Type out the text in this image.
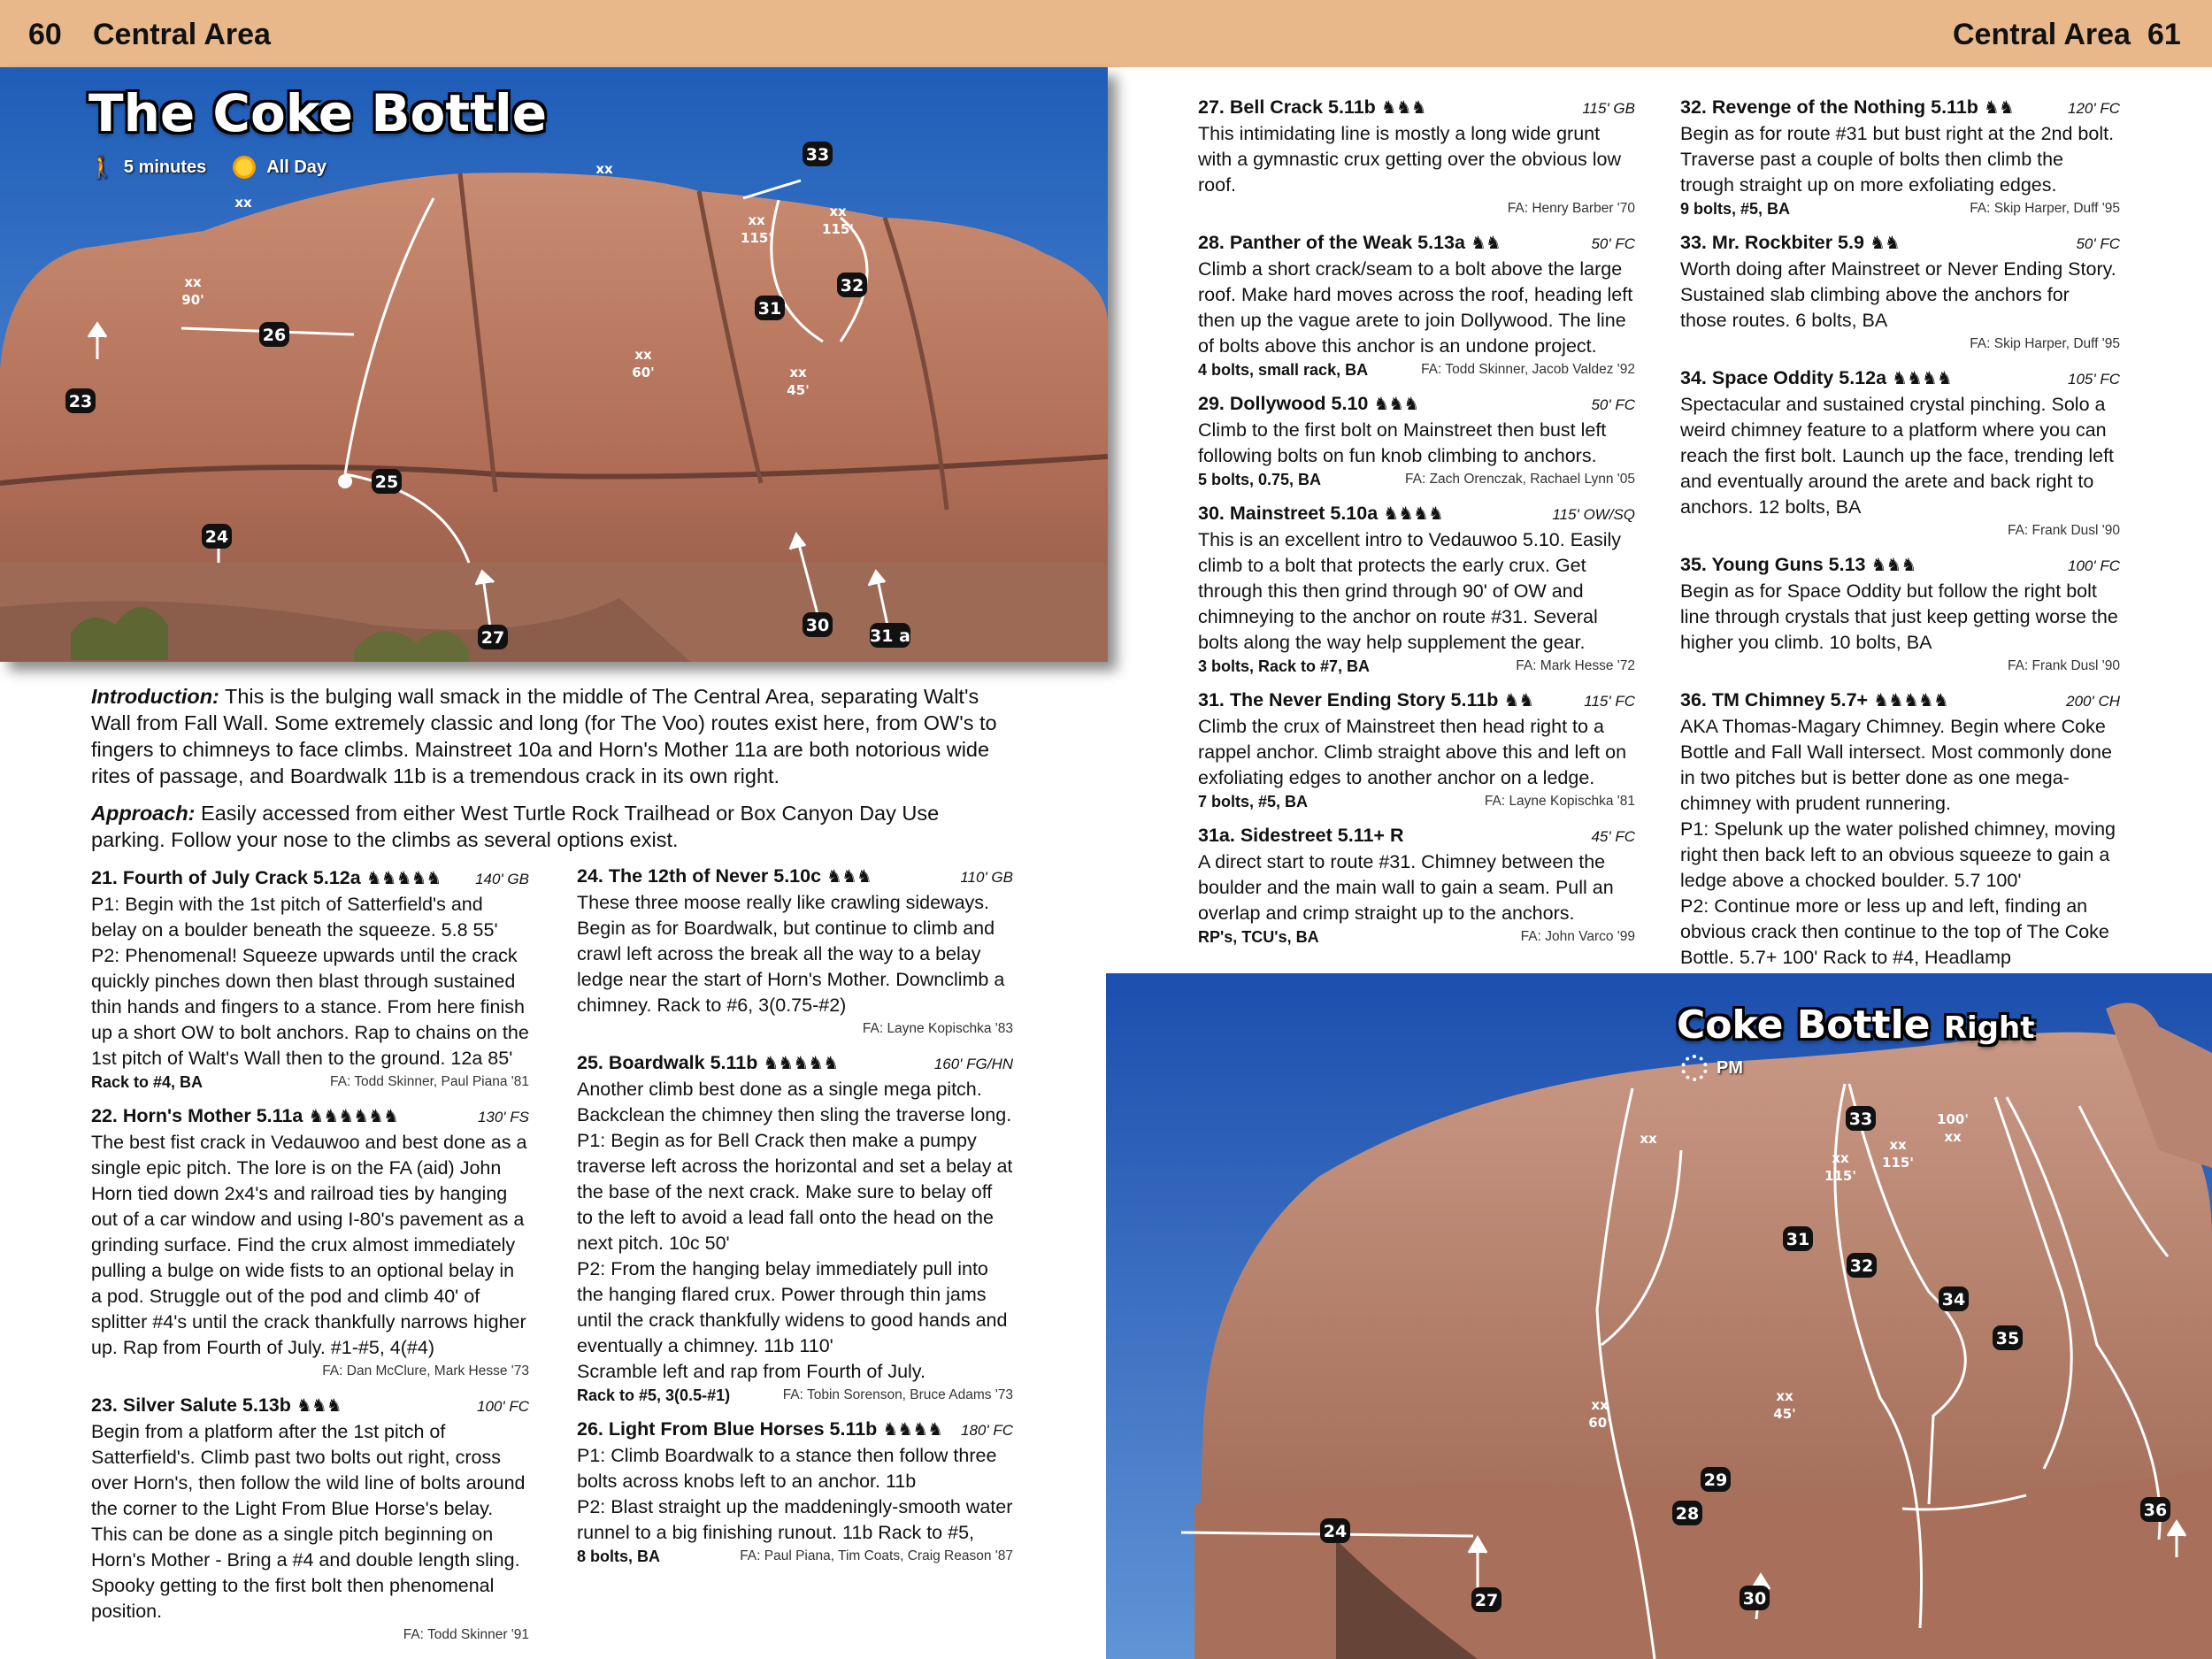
60 Central Area	Central Area 61
xx
xx
xx
90'
xx
60'
xx
115'
xx
115'
xx
45'
23
24
25
26
27
30
31 a
31
32
33
The Coke Bottle
🚶 5 minutes	All Day

Introduction: This is the bulging wall smack in the middle of The Central Area, separating Walt's Wall from Fall Wall. Some extremely classic and long (for The Voo) routes exist here, from OW's to fingers to chimneys to face climbs. Mainstreet 10a and Horn's Mother 11a are both notorious wide rites of passage, and Boardwalk 11b is a tremendous crack in its own right.

Approach: Easily accessed from either West Turtle Rock Trailhead or Box Canyon Day Use parking. Follow your nose to the climbs as several options exist.

21. Fourth of July Crack 5.12a ♞♞♞♞♞ 140' GB
P1: Begin with the 1st pitch of Satterfield's and belay on a boulder beneath the squeeze. 5.8 55'
P2: Phenomenal! Squeeze upwards until the crack quickly pinches down then blast through sustained thin hands and fingers to a stance. From here finish up a short OW to bolt anchors. Rap to chains on the 1st pitch of Walt's Wall then to the ground. 12a 85'
Rack to #4, BA	FA: Todd Skinner, Paul Piana '81
22. Horn's Mother 5.11a ♞♞♞♞♞♞	130' FS
The best fist crack in Vedauwoo and best done as a single epic pitch. The lore is on the FA (aid) John Horn tied down 2x4's and railroad ties by hanging out of a car window and using I-80's pavement as a grinding surface. Find the crux almost immediately pulling a bulge on wide fists to an optional belay in a pod. Struggle out of the pod and climb 40' of splitter #4's until the crack thankfully narrows higher up. Rap from Fourth of July. #1-#5, 4(#4)
FA: Dan McClure, Mark Hesse '73
23. Silver Salute 5.13b ♞♞♞	100' FC
Begin from a platform after the 1st pitch of Satterfield's. Climb past two bolts out right, cross over Horn's, then follow the wild line of bolts around the corner to the Light From Blue Horse's belay. This can be done as a single pitch beginning on Horn's Mother - Bring a #4 and double length sling. Spooky getting to the first bolt then phenomenal position.
FA: Todd Skinner '91
24. The 12th of Never 5.10c ♞♞♞	110' GB
These three moose really like crawling sideways. Begin as for Boardwalk, but continue to climb and crawl left across the break all the way to a belay ledge near the start of Horn's Mother. Downclimb a chimney. Rack to #6, 3(0.75-#2)
FA: Layne Kopischka '83
25. Boardwalk 5.11b ♞♞♞♞♞	160' FG/HN
Another climb best done as a single mega pitch. Backclean the chimney then sling the traverse long.
P1: Begin as for Bell Crack then make a pumpy traverse left across the horizontal and set a belay at the base of the next crack. Make sure to belay off to the left to avoid a lead fall onto the head on the next pitch. 10c 50'
P2: From the hanging belay immediately pull into the hanging flared crux. Power through thin jams until the crack thankfully widens to good hands and eventually a chimney. 11b 110'
Scramble left and rap from Fourth of July.
Rack to #5, 3(0.5-#1)	FA: Tobin Sorenson, Bruce Adams '73
26. Light From Blue Horses 5.11b ♞♞♞♞ 180' FC
P1: Climb Boardwalk to a stance then follow three bolts across knobs left to an anchor. 11b
P2: Blast straight up the maddeningly-smooth water runnel to a big finishing runout. 11b Rack to #5,
8 bolts, BA	FA: Paul Piana, Tim Coats, Craig Reason '87
27. Bell Crack 5.11b ♞♞♞	115' GB
This intimidating line is mostly a long wide grunt with a gymnastic crux getting over the obvious low roof.
FA: Henry Barber '70
28. Panther of the Weak 5.13a ♞♞	50' FC
Climb a short crack/seam to a bolt above the large roof. Make hard moves across the roof, heading left then up the vague arete to join Dollywood. The line of bolts above this anchor is an undone project.
4 bolts, small rack, BA	FA: Todd Skinner, Jacob Valdez '92
29. Dollywood 5.10 ♞♞♞	50' FC
Climb to the first bolt on Mainstreet then bust left following bolts on fun knob climbing to anchors.
5 bolts, 0.75, BA	FA: Zach Orenczak, Rachael Lynn '05
30. Mainstreet 5.10a ♞♞♞♞	115' OW/SQ
This is an excellent intro to Vedauwoo 5.10. Easily climb to a bolt that protects the early crux. Get through this then grind through 90' of OW and chimneying to the anchor on route #31. Several bolts along the way help supplement the gear.
3 bolts, Rack to #7, BA	FA: Mark Hesse '72
31. The Never Ending Story 5.11b ♞♞	115' FC
Climb the crux of Mainstreet then head right to a rappel anchor. Climb straight above this and left on exfoliating edges to another anchor on a ledge.
7 bolts, #5, BA	FA: Layne Kopischka '81
31a. Sidestreet 5.11+ R	45' FC
A direct start to route #31. Chimney between the boulder and the main wall to gain a seam. Pull an overlap and crimp straight up to the anchors.
RP's, TCU's, BA	FA: John Varco '99
32. Revenge of the Nothing 5.11b ♞♞	120' FC
Begin as for route #31 but bust right at the 2nd bolt. Traverse past a couple of bolts then climb the trough straight up on more exfoliating edges.
9 bolts, #5, BA	FA: Skip Harper, Duff '95
33. Mr. Rockbiter 5.9 ♞♞	50' FC
Worth doing after Mainstreet or Never Ending Story. Sustained slab climbing above the anchors for those routes. 6 bolts, BA
FA: Skip Harper, Duff '95
34. Space Oddity 5.12a ♞♞♞♞	105' FC
Spectacular and sustained crystal pinching. Solo a weird chimney feature to a platform where you can reach the first bolt. Launch up the face, trending left and eventually around the arete and back right to anchors. 12 bolts, BA
FA: Frank Dusl '90
35. Young Guns 5.13 ♞♞♞	100' FC
Begin as for Space Oddity but follow the right bolt line through crystals that just keep getting worse the higher you climb. 10 bolts, BA
FA: Frank Dusl '90
36. TM Chimney 5.7+ ♞♞♞♞♞	200' CH
AKA Thomas-Magary Chimney. Begin where Coke Bottle and Fall Wall intersect. Most commonly done in two pitches but is better done as one mega-chimney with prudent runnering.
P1: Spelunk up the water polished chimney, moving right then back left to an obvious squeeze to gain a ledge above a chocked boulder. 5.7 100'
P2: Continue more or less up and left, finding an obvious crack then continue to the top of The Coke Bottle. 5.7+ 100' Rack to #4, Headlamp
xx
xx
60'
xx
45'
xx
115'
xx
115'
100'
xx
24
27
28
29
30
31
32
33
34
35
36
Coke Bottle Right
PM
